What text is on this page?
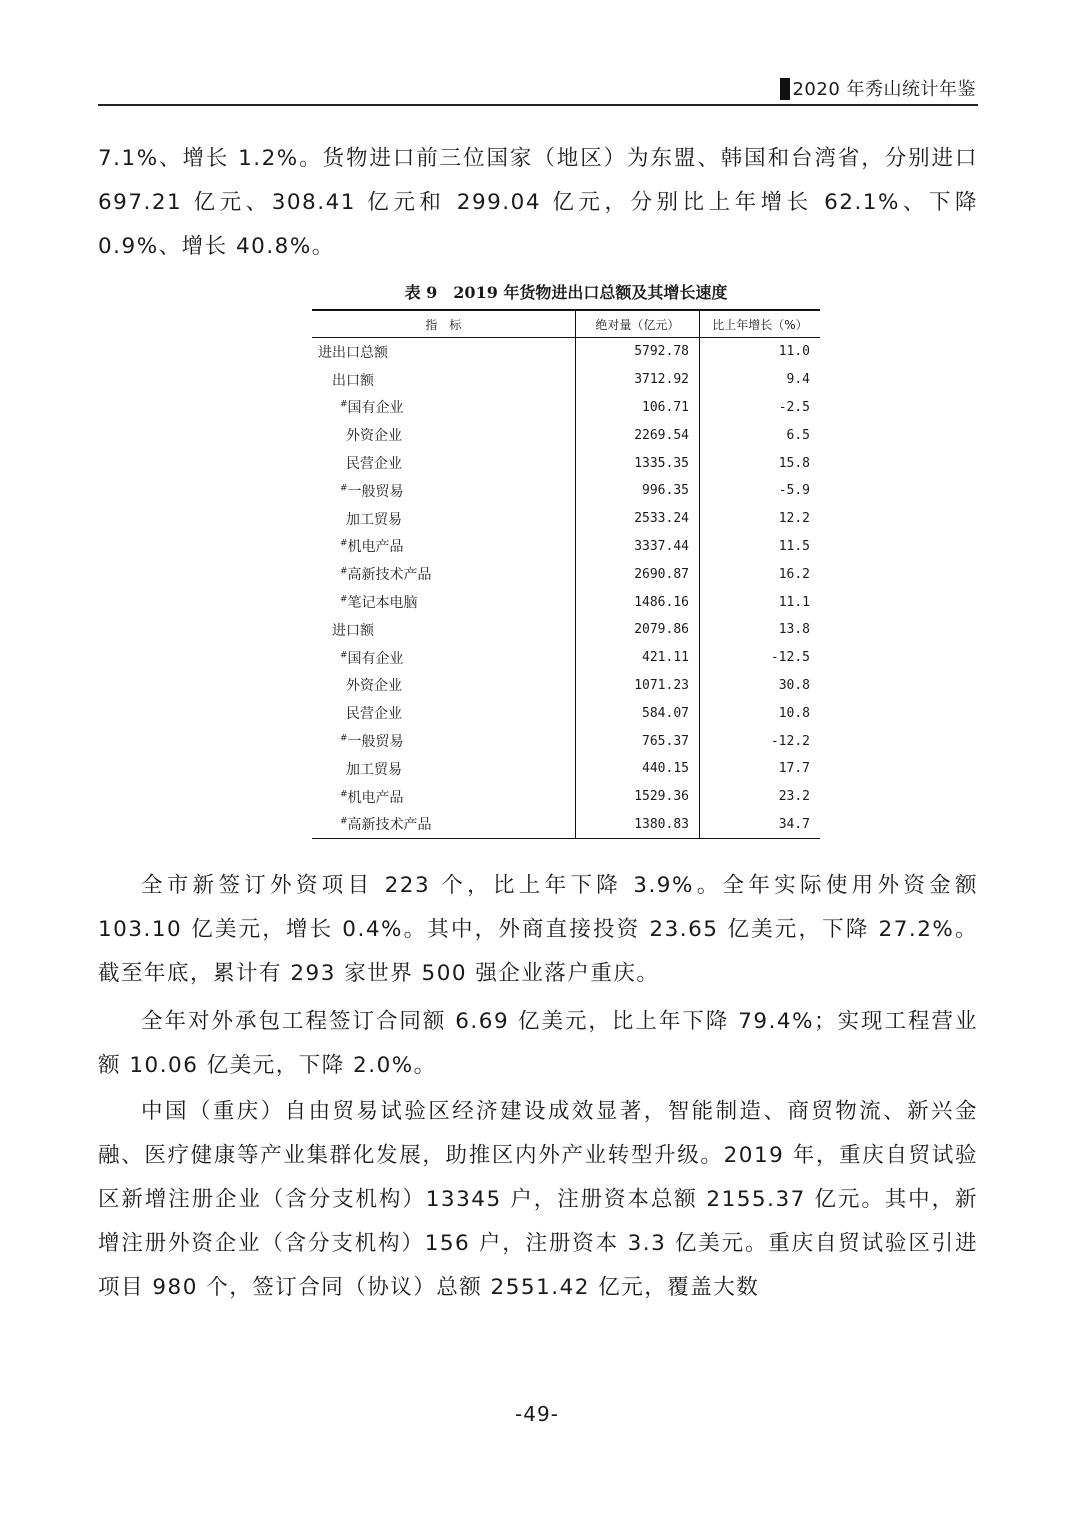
2020 年秀山统计年鉴

7.1%、增长 1.2%。货物进口前三位国家（地区）为东盟、韩国和台湾省，分别进口 697.21 亿元、308.41 亿元和 299.04 亿元，分别比上年增长 62.1%、下降 0.9%、增长 40.8%。

表 9　2019 年货物进出口总额及其增长速度
指　标	绝对量（亿元）	比上年增长（%）
进出口总额	5792.78	11.0
出口额	3712.92	9.4
#国有企业	106.71	-2.5
外资企业	2269.54	6.5
民营企业	1335.35	15.8
#一般贸易	996.35	-5.9
加工贸易	2533.24	12.2
#机电产品	3337.44	11.5
#高新技术产品	2690.87	16.2
#笔记本电脑	1486.16	11.1
进口额	2079.86	13.8
#国有企业	421.11	-12.5
外资企业	1071.23	30.8
民营企业	584.07	10.8
#一般贸易	765.37	-12.2
加工贸易	440.15	17.7
#机电产品	1529.36	23.2
#高新技术产品	1380.83	34.7

全市新签订外资项目 223 个，比上年下降 3.9%。全年实际使用外资金额 103.10 亿美元，增长 0.4%。其中，外商直接投资 23.65 亿美元，下降 27.2%。截至年底，累计有 293 家世界 500 强企业落户重庆。

全年对外承包工程签订合同额 6.69 亿美元，比上年下降 79.4%；实现工程营业额 10.06 亿美元，下降 2.0%。

中国（重庆）自由贸易试验区经济建设成效显著，智能制造、商贸物流、新兴金融、医疗健康等产业集群化发展，助推区内外产业转型升级。2019 年，重庆自贸试验区新增注册企业（含分支机构）13345 户，注册资本总额 2155.37 亿元。其中，新增注册外资企业（含分支机构）156 户，注册资本 3.3 亿美元。重庆自贸试验区引进项目 980 个，签订合同（协议）总额 2551.42 亿元，覆盖大数

-49-
